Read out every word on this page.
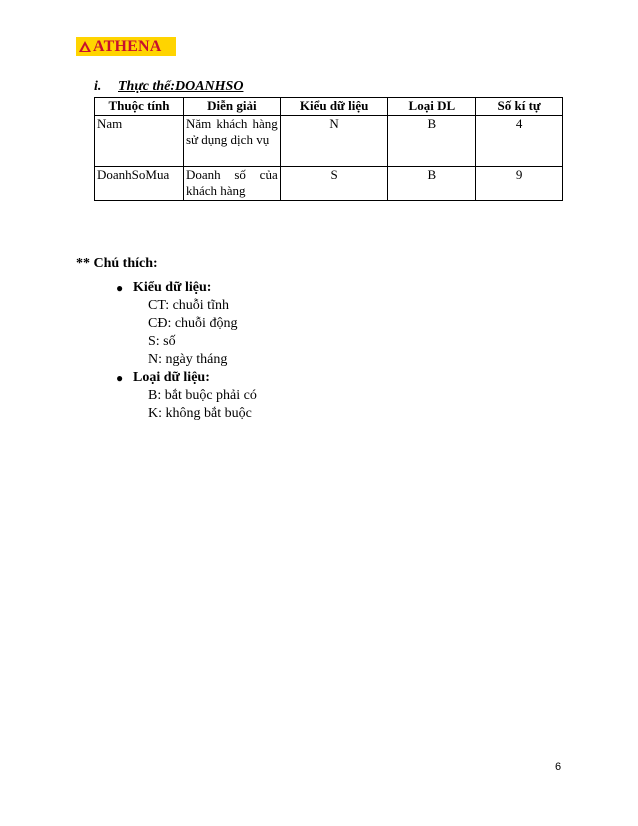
ATHENA
i. Thực thể:DOANHSO
Thuộc tính	Diễn giải	Kiểu dữ liệu	Loại DL	Số kí tự
Nam	Năm khách hàng sử dụng dịch vụ	N	B	4
DoanhSoMua	Doanh số của khách hàng	S	B	9
** Chú thích:
● Kiểu dữ liệu:
CT: chuỗi tĩnh
CĐ: chuỗi động
S: số
N: ngày tháng
● Loại dữ liệu:
B: bắt buộc phải có
K: không bắt buộc
6
